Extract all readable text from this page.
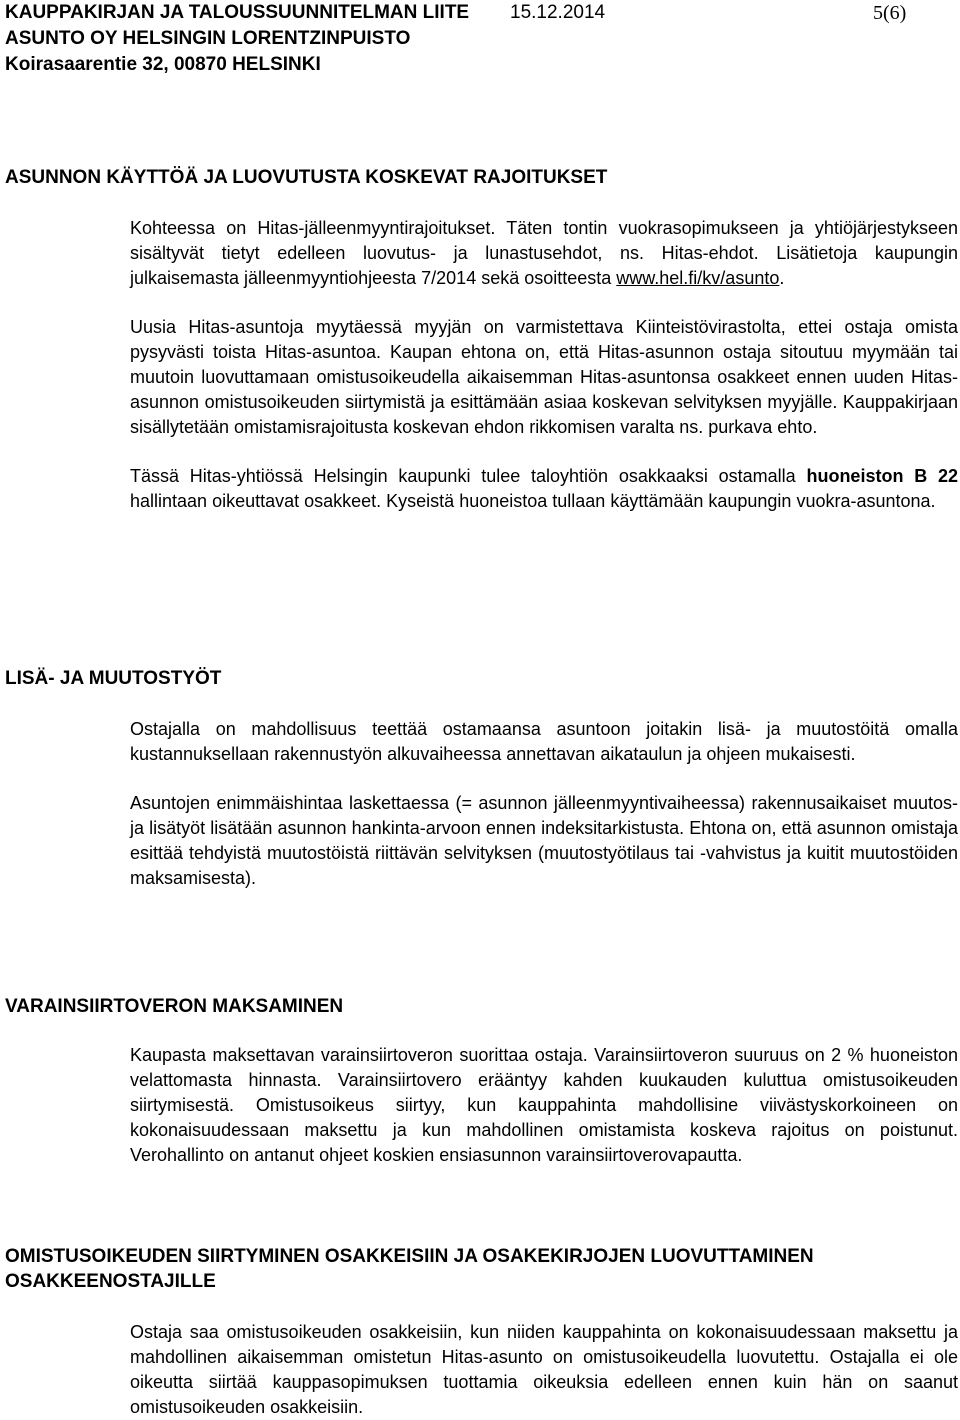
KAUPPAKIRJAN JA TALOUSSUUNNITELMAN LIITE 15.12.2014	5(6)
ASUNTO OY HELSINGIN LORENTZINPUISTO
Koirasaarentie 32, 00870 HELSINKI
ASUNNON KÄYTTÖÄ JA LUOVUTUSTA KOSKEVAT RAJOITUKSET

Kohteessa on Hitas-jälleenmyyntirajoitukset. Täten tontin vuokrasopimukseen ja yhtiöjärjestykseen sisältyvät tietyt edelleen luovutus- ja lunastusehdot, ns. Hitas-ehdot. Lisätietoja kaupungin julkaisemasta jälleenmyyntiohjeesta 7/2014 sekä osoitteesta www.hel.fi/kv/asunto.

Uusia Hitas-asuntoja myytäessä myyjän on varmistettava Kiinteistövirastolta, ettei ostaja omista pysyvästi toista Hitas-asuntoa. Kaupan ehtona on, että Hitas-asunnon ostaja sitoutuu myymään tai muutoin luovuttamaan omistusoikeudella aikaisemman Hitas-asuntonsa osakkeet ennen uuden Hitas-asunnon omistusoikeuden siirtymistä ja esittämään asiaa koskevan selvityksen myyjälle. Kauppakirjaan sisällytetään omistamisrajoitusta koskevan ehdon rikkomisen varalta ns. purkava ehto.

Tässä Hitas-yhtiössä Helsingin kaupunki tulee taloyhtiön osakkaaksi ostamalla huoneiston B 22 hallintaan oikeuttavat osakkeet. Kyseistä huoneistoa tullaan käyttämään kaupungin vuokra-asuntona.

LISÄ- JA MUUTOSTYÖT

Ostajalla on mahdollisuus teettää ostamaansa asuntoon joitakin lisä- ja muutostöitä omalla kustannuksellaan rakennustyön alkuvaiheessa annettavan aikataulun ja ohjeen mukaisesti.

Asuntojen enimmäishintaa laskettaessa (= asunnon jälleenmyyntivaiheessa) rakennusaikaiset muutos- ja lisätyöt lisätään asunnon hankinta-arvoon ennen indeksitarkistusta. Ehtona on, että asunnon omistaja esittää tehdyistä muutostöistä riittävän selvityksen (muutostyötilaus tai -vahvistus ja kuitit muutostöiden maksamisesta).

VARAINSIIRTOVERON MAKSAMINEN

Kaupasta maksettavan varainsiirtoveron suorittaa ostaja. Varainsiirtoveron suuruus on 2 % huoneiston velattomasta hinnasta. Varainsiirtovero erääntyy kahden kuukauden kuluttua omistusoikeuden siirtymisestä. Omistusoikeus siirtyy, kun kauppahinta mahdollisine viivästyskorkoineen on kokonaisuudessaan maksettu ja kun mahdollinen omistamista koskeva rajoitus on poistunut. Verohallinto on antanut ohjeet koskien ensiasunnon varainsiirtoverovapautta.

OMISTUSOIKEUDEN SIIRTYMINEN OSAKKEISIIN JA OSAKEKIRJOJEN LUOVUTTAMINEN OSAKKEENOSTAJILLE

Ostaja saa omistusoikeuden osakkeisiin, kun niiden kauppahinta on kokonaisuudessaan maksettu ja mahdollinen aikaisemman omistetun Hitas-asunto on omistusoikeudella luovutettu. Ostajalla ei ole oikeutta siirtää kauppasopimuksen tuottamia oikeuksia edelleen ennen kuin hän on saanut omistusoikeuden osakkeisiin.
